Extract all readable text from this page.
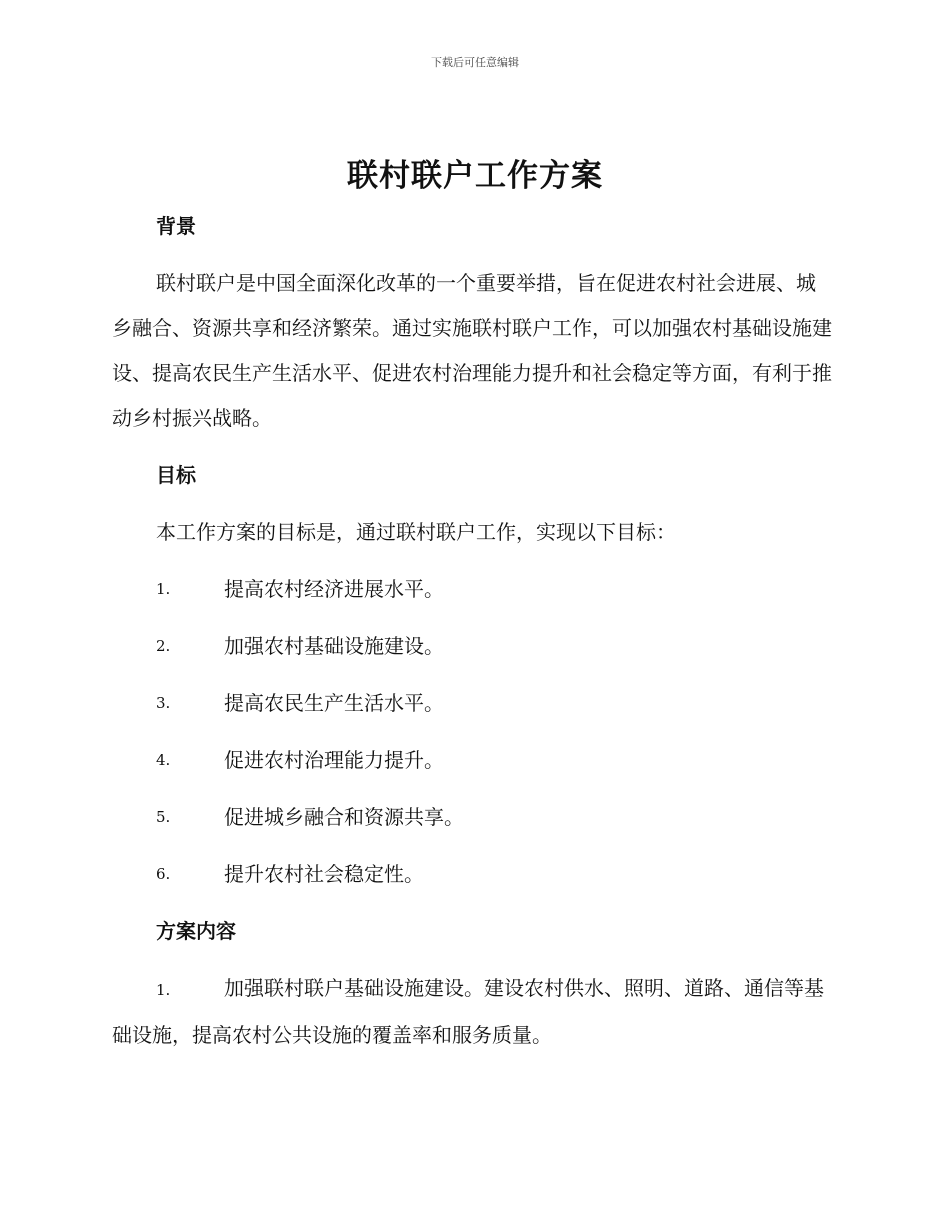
下载后可任意编辑
联村联户工作方案

背景

联村联户是中国全面深化改革的一个重要举措，旨在促进农村社会进展、城乡融合、资源共享和经济繁荣。通过实施联村联户工作，可以加强农村基础设施建设、提高农民生产生活水平、促进农村治理能力提升和社会稳定等方面，有利于推动乡村振兴战略。

目标

本工作方案的目标是，通过联村联户工作，实现以下目标：

1.	提高农村经济进展水平。
2.	加强农村基础设施建设。
3.	提高农民生产生活水平。
4.	促进农村治理能力提升。
5.	促进城乡融合和资源共享。
6.	提升农村社会稳定性。

方案内容

1.	加强联村联户基础设施建设。建设农村供水、照明、道路、通信等基础设施，提高农村公共设施的覆盖率和服务质量。
